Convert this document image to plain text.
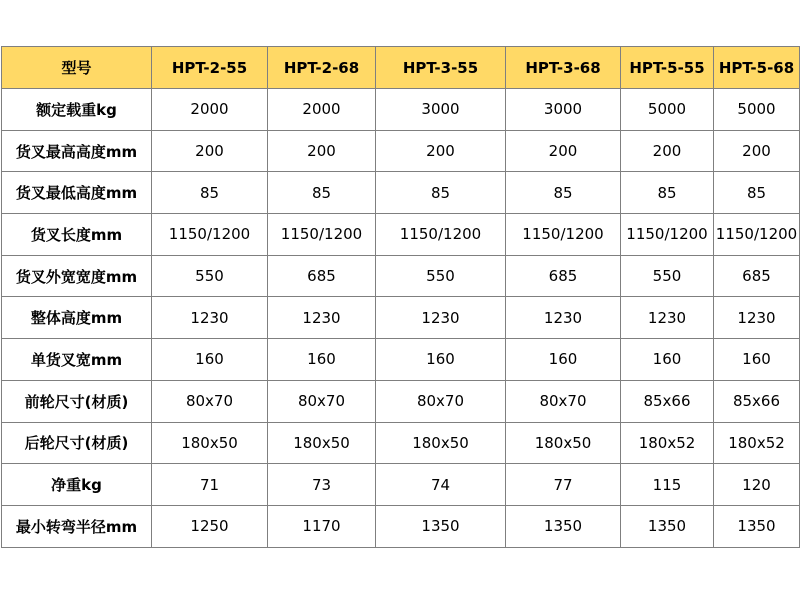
型号	HPT-2-55	HPT-2-68	HPT-3-55	HPT-3-68	HPT-5-55	HPT-5-68
额定载重kg	2000	2000	3000	3000	5000	5000
货叉最高高度mm	200	200	200	200	200	200
货叉最低高度mm	85	85	85	85	85	85
货叉长度mm	1150/1200	1150/1200	1150/1200	1150/1200	1150/1200	1150/1200
货叉外宽宽度mm	550	685	550	685	550	685
整体高度mm	1230	1230	1230	1230	1230	1230
单货叉宽mm	160	160	160	160	160	160
前轮尺寸(材质)	80x70	80x70	80x70	80x70	85x66	85x66
后轮尺寸(材质)	180x50	180x50	180x50	180x50	180x52	180x52
净重kg	71	73	74	77	115	120
最小转弯半径mm	1250	1170	1350	1350	1350	1350
